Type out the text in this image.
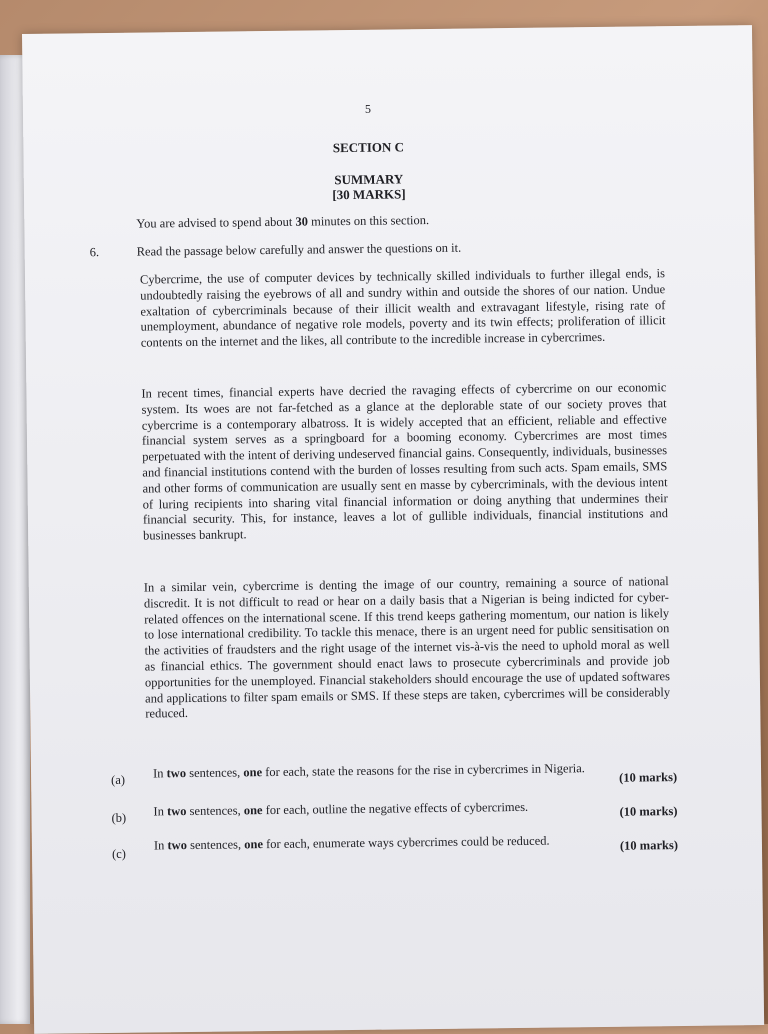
5
SECTION C
SUMMARY
[30 MARKS]
You are advised to spend about 30 minutes on this section.
6.	Read the passage below carefully and answer the questions on it.
Cybercrime, the use of computer devices by technically skilled individuals to further illegal ends, is undoubtedly raising the eyebrows of all and sundry within and outside the shores of our nation. Undue exaltation of cybercriminals because of their illicit wealth and extravagant lifestyle, rising rate of unemployment, abundance of negative role models, poverty and its twin effects; proliferation of illicit contents on the internet and the likes, all contribute to the incredible increase in cybercrimes.
In recent times, financial experts have decried the ravaging effects of cybercrime on our economic system. Its woes are not far-fetched as a glance at the deplorable state of our society proves that cybercrime is a contemporary albatross. It is widely accepted that an efficient, reliable and effective financial system serves as a springboard for a booming economy. Cybercrimes are most times perpetuated with the intent of deriving undeserved financial gains. Consequently, individuals, businesses and financial institutions contend with the burden of losses resulting from such acts. Spam emails, SMS and other forms of communication are usually sent en masse by cybercriminals, with the devious intent of luring recipients into sharing vital financial information or doing anything that undermines their financial security. This, for instance, leaves a lot of gullible individuals, financial institutions and businesses bankrupt.
In a similar vein, cybercrime is denting the image of our country, remaining a source of national discredit. It is not difficult to read or hear on a daily basis that a Nigerian is being indicted for cyber-related offences on the international scene. If this trend keeps gathering momentum, our nation is likely to lose international credibility. To tackle this menace, there is an urgent need for public sensitisation on the activities of fraudsters and the right usage of the internet vis-à-vis the need to uphold moral as well as financial ethics. The government should enact laws to prosecute cybercriminals and provide job opportunities for the unemployed. Financial stakeholders should encourage the use of updated softwares and applications to filter spam emails or SMS. If these steps are taken, cybercrimes will be considerably reduced.
(a) In two sentences, one for each, state the reasons for the rise in cybercrimes in Nigeria.	(10 marks)
(b) In two sentences, one for each, outline the negative effects of cybercrimes.	(10 marks)
(c)
In two sentences, one for each, enumerate ways cybercrimes could be reduced.	(10 marks)
